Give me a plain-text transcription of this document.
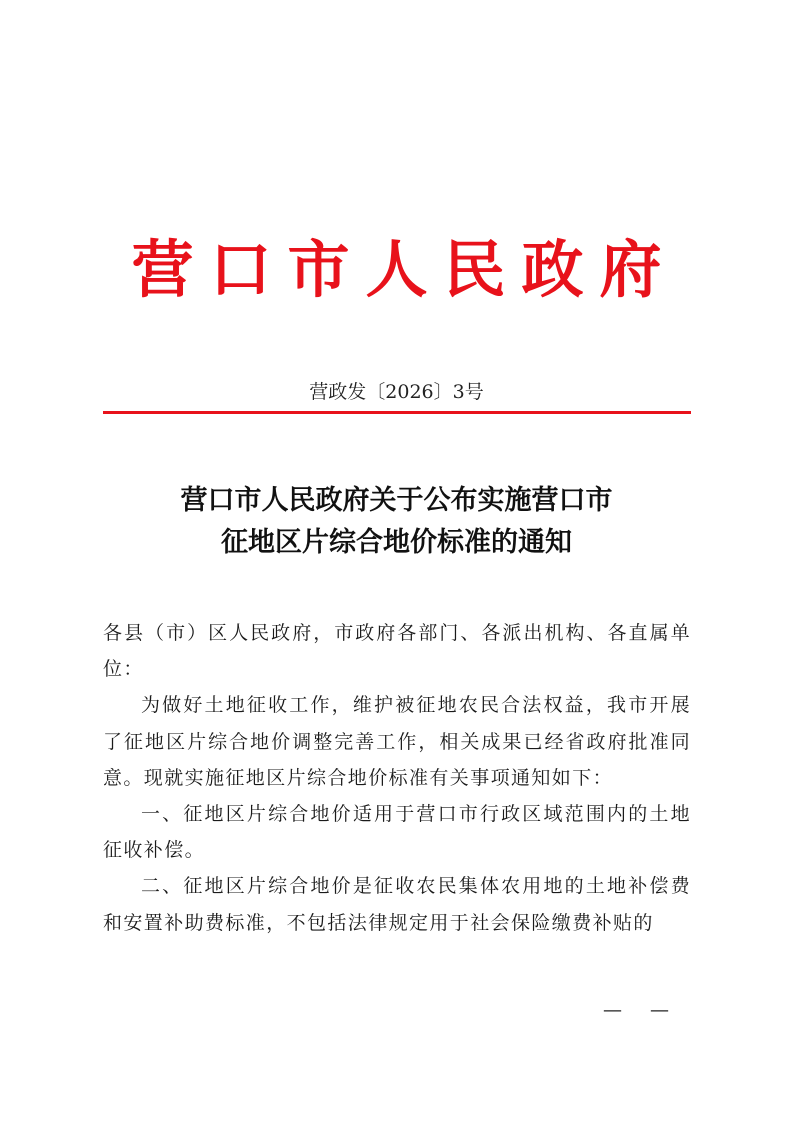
营口市人民政府
营政发〔2026〕3号
营口市人民政府关于公布实施营口市
征地区片综合地价标准的通知

各县（市）区人民政府，市政府各部门、各派出机构、各直属单位：

为做好土地征收工作，维护被征地农民合法权益，我市开展了征地区片综合地价调整完善工作，相关成果已经省政府批准同意。现就实施征地区片综合地价标准有关事项通知如下：

一、征地区片综合地价适用于营口市行政区域范围内的土地征收补偿。

二、征地区片综合地价是征收农民集体农用地的土地补偿费和安置补助费标准，不包括法律规定用于社会保险缴费补贴的

— —
